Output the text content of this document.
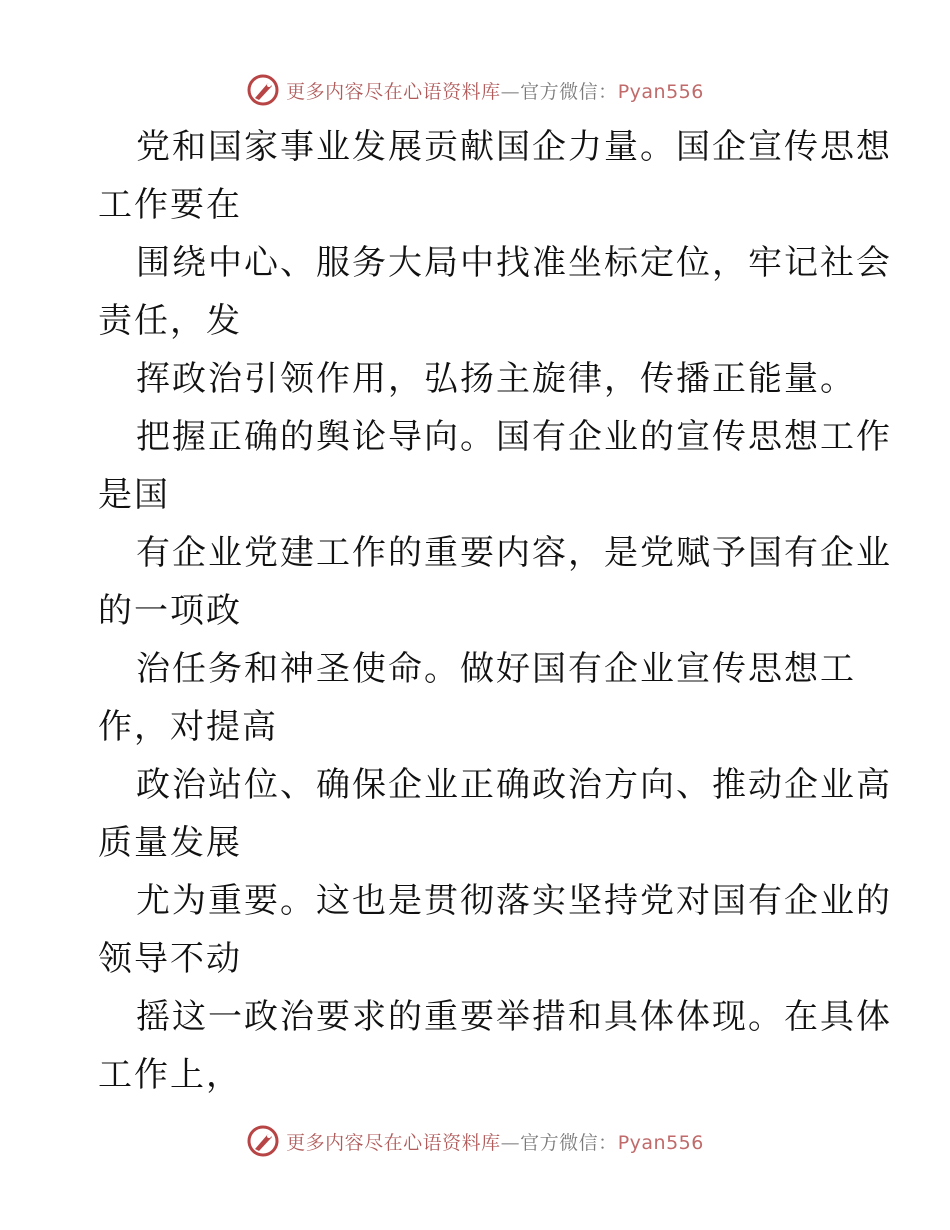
更多内容尽在心语资料库—官方微信：Pyan556
党和国家事业发展贡献国企力量。国企宣传思想
工作要在
围绕中心、服务大局中找准坐标定位，牢记社会
责任，发
挥政治引领作用，弘扬主旋律，传播正能量。
把握正确的舆论导向。国有企业的宣传思想工作
是国
有企业党建工作的重要内容，是党赋予国有企业
的一项政
治任务和神圣使命。做好国有企业宣传思想工
作，对提高
政治站位、确保企业正确政治方向、推动企业高
质量发展
尤为重要。这也是贯彻落实坚持党对国有企业的
领导不动
摇这一政治要求的重要举措和具体体现。在具体
工作上，
更多内容尽在心语资料库—官方微信：Pyan556
